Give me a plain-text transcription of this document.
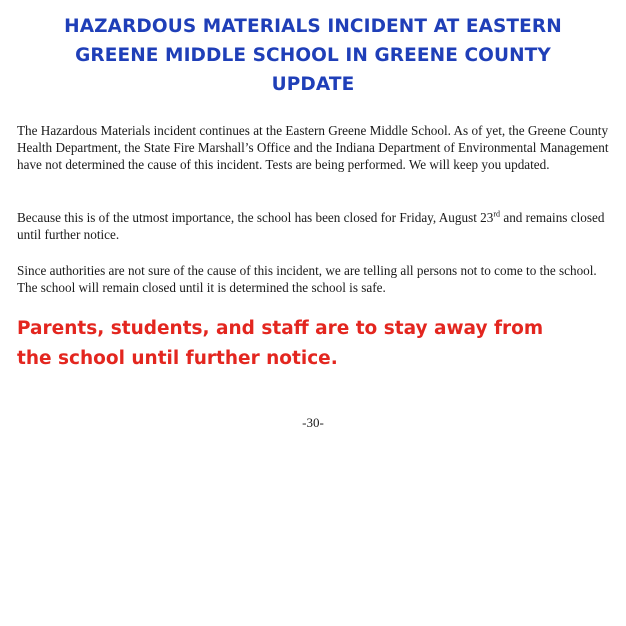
HAZARDOUS MATERIALS INCIDENT AT EASTERN
GREENE MIDDLE SCHOOL IN GREENE COUNTY
UPDATE

The Hazardous Materials incident continues at the Eastern Greene Middle School. As of yet, the Greene County Health Department, the State Fire Marshall’s Office and the Indiana Department of Environmental Management have not determined the cause of this incident. Tests are being performed. We will keep you updated.

Because this is of the utmost importance, the school has been closed for Friday, August 23rd and remains closed until further notice.

Since authorities are not sure of the cause of this incident, we are telling all persons not to come to the school. The school will remain closed until it is determined the school is safe.

Parents, students, and staff are to stay away from
the school until further notice.

-30-
